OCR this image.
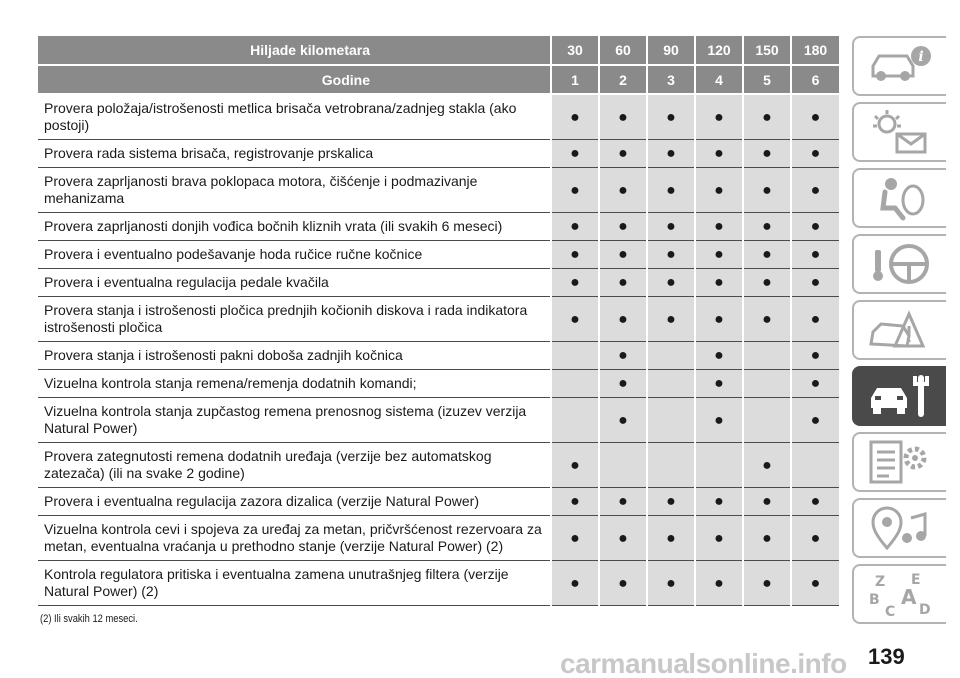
Hiljade kilometara	30	60	90	120	150	180
Godine	1	2	3	4	5	6
Provera položaja/istrošenosti metlica brisača vetrobrana/zadnjeg stakla (ako postoji)	●	●	●	●	●	●
Provera rada sistema brisača, registrovanje prskalica	●	●	●	●	●	●
Provera zaprljanosti brava poklopaca motora, čišćenje i podmazivanje mehanizama	●	●	●	●	●	●
Provera zaprljanosti donjih vođica bočnih kliznih vrata (ili svakih 6 meseci)	●	●	●	●	●	●
Provera i eventualno podešavanje hoda ručice ručne kočnice	●	●	●	●	●	●
Provera i eventualna regulacija pedale kvačila	●	●	●	●	●	●
Provera stanja i istrošenosti pločica prednjih kočionih diskova i rada indikatora istrošenosti pločica	●	●	●	●	●	●
Provera stanja i istrošenosti pakni doboša zadnjih kočnica		●		●		●
Vizuelna kontrola stanja remena/remenja dodatnih komandi;		●		●		●
Vizuelna kontrola stanja zupčastog remena prenosnog sistema (izuzev verzija Natural Power)		●		●		●
Provera zategnutosti remena dodatnih uređaja (verzije bez automatskog zatezača) (ili na svake 2 godine)	●				●	
Provera i eventualna regulacija zazora dizalica (verzije Natural Power)	●	●	●	●	●	●
Vizuelna kontrola cevi i spojeva za uređaj za metan, pričvršćenost rezervoara za metan, eventualna vraćanja u prethodno stanje (verzije Natural Power) (2)	●	●	●	●	●	●
Kontrola regulatora pritiska i eventualna zamena unutrašnjeg filtera (verzije Natural Power) (2)	●	●	●	●	●	●
(2) Ili svakih 12 meseci.
i
Z E
B A
C D
carmanualsonline.info 139
